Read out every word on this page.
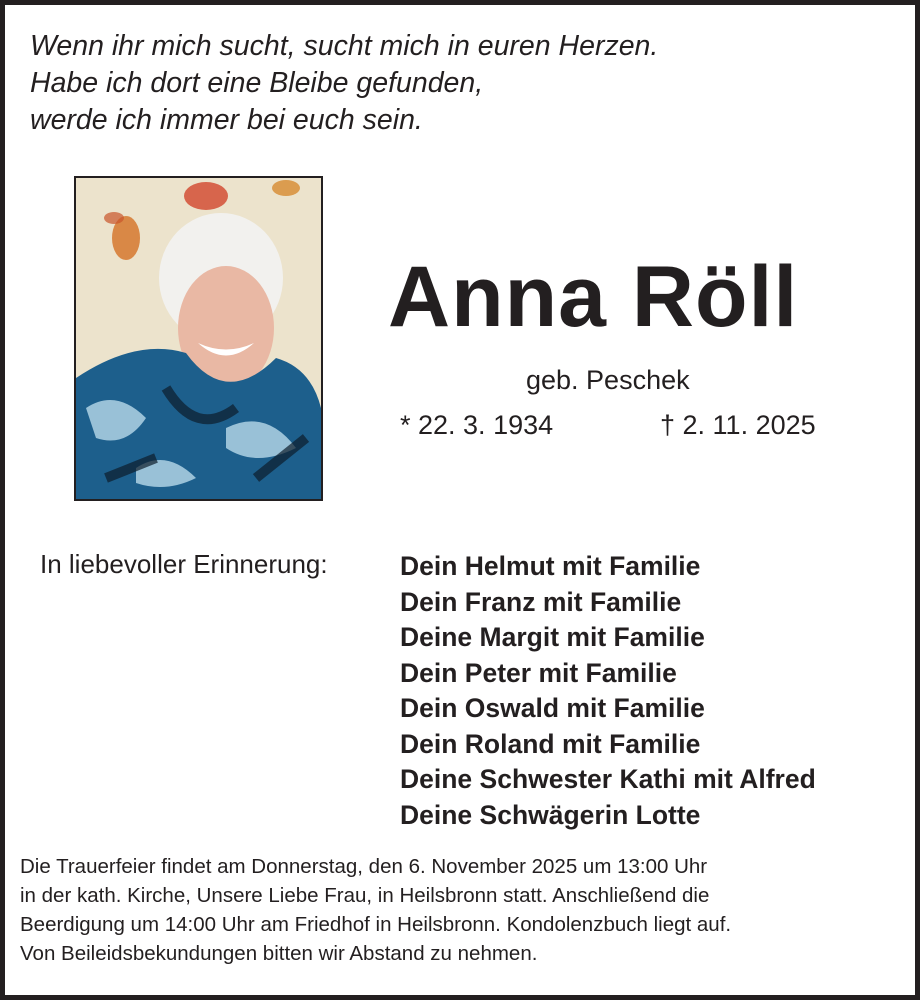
Wenn ihr mich sucht, sucht mich in euren Herzen.
Habe ich dort eine Bleibe gefunden,
werde ich immer bei euch sein.
Anna Röll
geb. Peschek
* 22. 3. 1934	† 2. 11. 2025
In liebevoller Erinnerung:	Dein Helmut mit Familie
Dein Franz mit Familie
Deine Margit mit Familie
Dein Peter mit Familie
Dein Oswald mit Familie
Dein Roland mit Familie
Deine Schwester Kathi mit Alfred
Deine Schwägerin Lotte
Die Trauerfeier findet am Donnerstag, den 6. November 2025 um 13:00 Uhr
in der kath. Kirche, Unsere Liebe Frau, in Heilsbronn statt. Anschließend die
Beerdigung um 14:00 Uhr am Friedhof in Heilsbronn. Kondolenzbuch liegt auf.
Von Beileidsbekundungen bitten wir Abstand zu nehmen.
